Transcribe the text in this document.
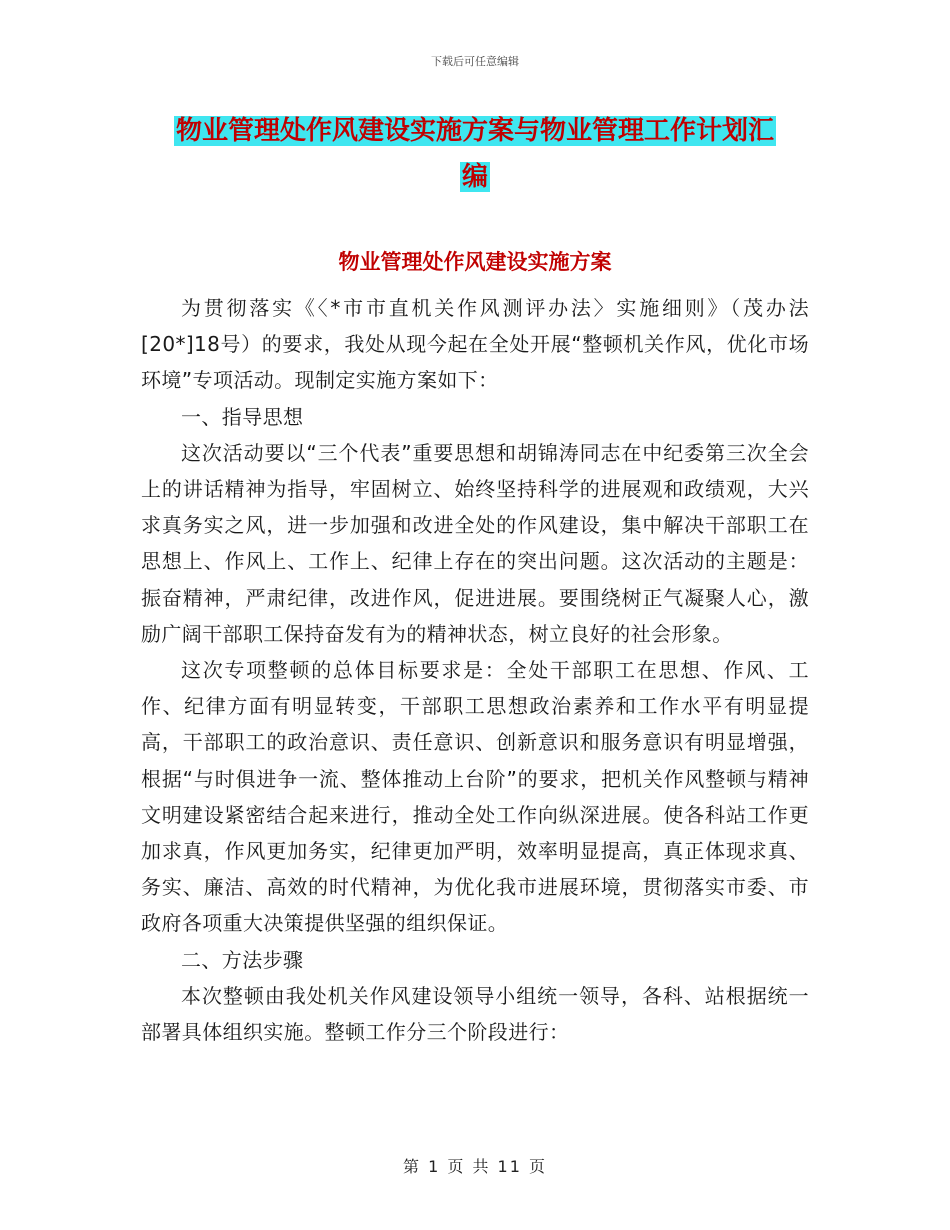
下载后可任意编辑
物业管理处作风建设实施方案与物业管理工作计划汇
编
物业管理处作风建设实施方案

为贯彻落实《〈*市市直机关作风测评办法〉实施细则》（茂办法[20*]18号）的要求，我处从现今起在全处开展“整顿机关作风，优化市场环境”专项活动。现制定实施方案如下：

一、指导思想

这次活动要以“三个代表”重要思想和胡锦涛同志在中纪委第三次全会上的讲话精神为指导，牢固树立、始终坚持科学的进展观和政绩观，大兴求真务实之风，进一步加强和改进全处的作风建设，集中解决干部职工在思想上、作风上、工作上、纪律上存在的突出问题。这次活动的主题是：振奋精神，严肃纪律，改进作风，促进进展。要围绕树正气凝聚人心，激励广阔干部职工保持奋发有为的精神状态，树立良好的社会形象。

这次专项整顿的总体目标要求是：全处干部职工在思想、作风、工作、纪律方面有明显转变，干部职工思想政治素养和工作水平有明显提高，干部职工的政治意识、责任意识、创新意识和服务意识有明显增强，根据“与时俱进争一流、整体推动上台阶”的要求，把机关作风整顿与精神文明建设紧密结合起来进行，推动全处工作向纵深进展。使各科站工作更加求真，作风更加务实，纪律更加严明，效率明显提高，真正体现求真、务实、廉洁、高效的时代精神，为优化我市进展环境，贯彻落实市委、市政府各项重大决策提供坚强的组织保证。

二、方法步骤

本次整顿由我处机关作风建设领导小组统一领导，各科、站根据统一部署具体组织实施。整顿工作分三个阶段进行：

第 1 页 共 11 页
